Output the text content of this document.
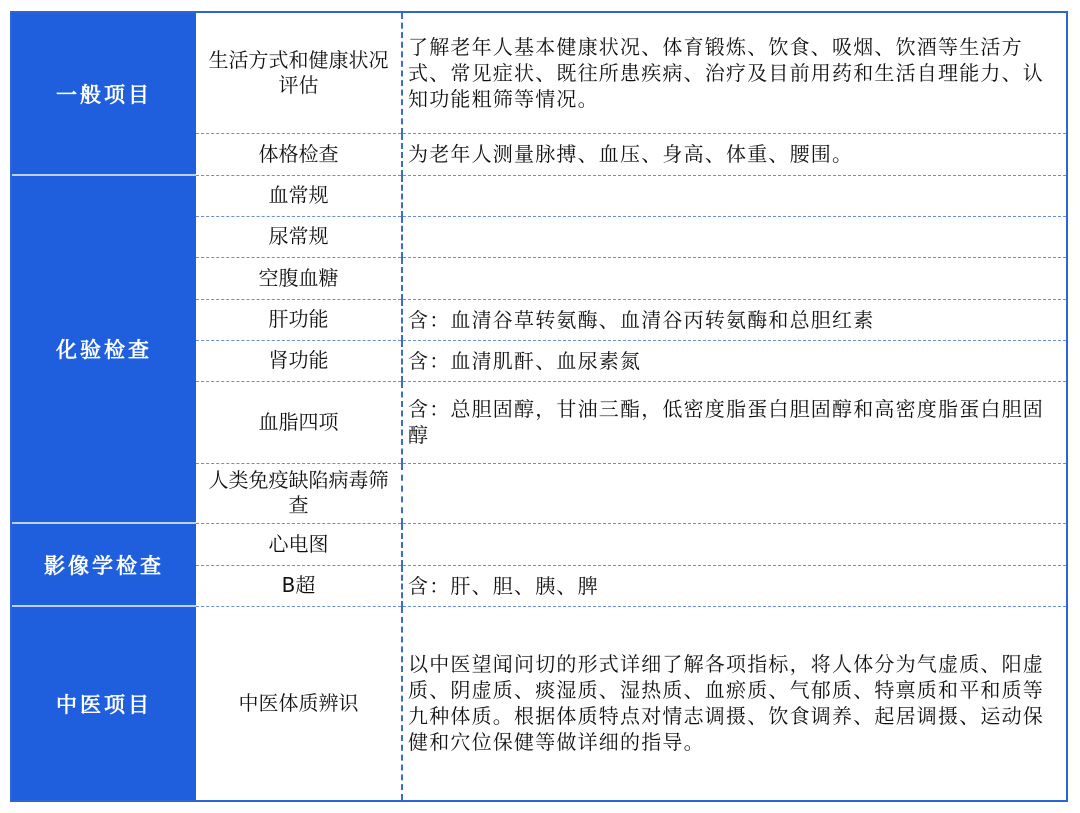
一般项目	生活方式和健康状况评估	了解老年人基本健康状况、体育锻炼、饮食、吸烟、饮酒等生活方式、常见症状、既往所患疾病、治疗及目前用药和生活自理能力、认知功能粗筛等情况。
	体格检查	为老年人测量脉搏、血压、身高、体重、腰围。
化验检查	血常规	
	尿常规	
	空腹血糖	
	肝功能	含：血清谷草转氨酶、血清谷丙转氨酶和总胆红素
	肾功能	含：血清肌酐、血尿素氮
	血脂四项	含：总胆固醇，甘油三酯，低密度脂蛋白胆固醇和高密度脂蛋白胆固醇
	人类免疫缺陷病毒筛查	
影像学检查	心电图	
	B超	含：肝、胆、胰、脾
中医项目	中医体质辨识	以中医望闻问切的形式详细了解各项指标，将人体分为气虚质、阳虚质、阴虚质、痰湿质、湿热质、血瘀质、气郁质、特禀质和平和质等九种体质。根据体质特点对情志调摄、饮食调养、起居调摄、运动保健和穴位保健等做详细的指导。
